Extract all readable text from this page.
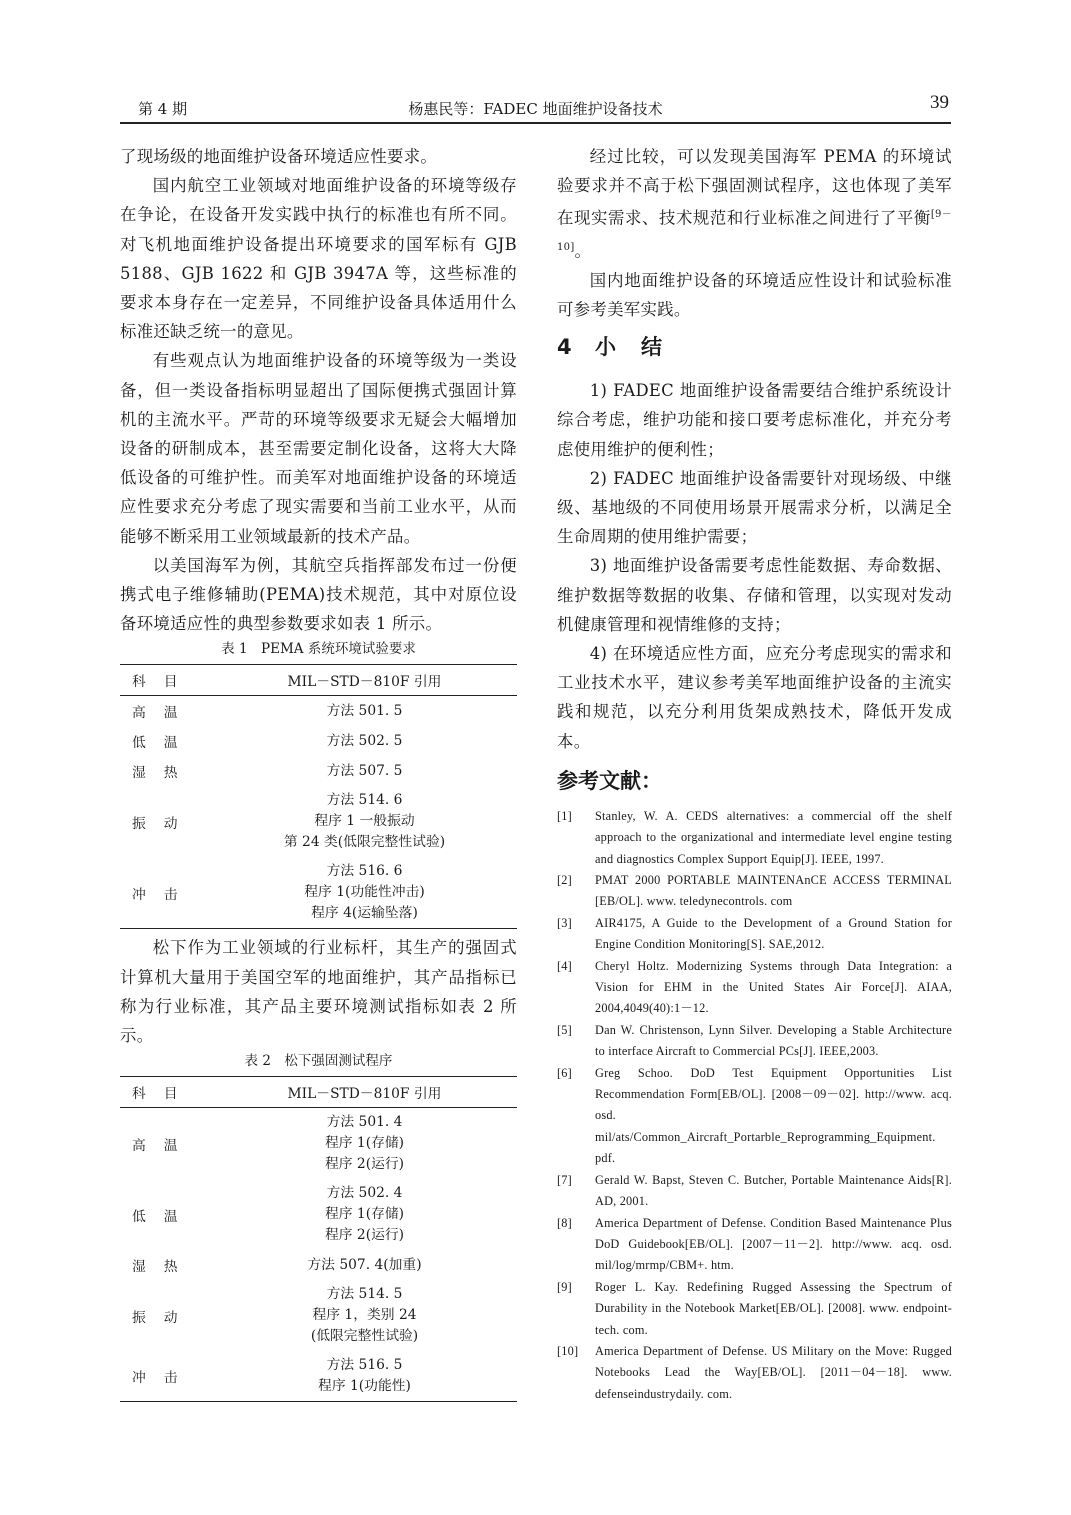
第 4 期	杨惠民等：FADEC 地面维护设备技术	39

了现场级的地面维护设备环境适应性要求。

国内航空工业领域对地面维护设备的环境等级存在争论，在设备开发实践中执行的标准也有所不同。对飞机地面维护设备提出环境要求的国军标有 GJB 5188、GJB 1622 和 GJB 3947A 等，这些标准的要求本身存在一定差异，不同维护设备具体适用什么标准还缺乏统一的意见。

有些观点认为地面维护设备的环境等级为一类设备，但一类设备指标明显超出了国际便携式强固计算机的主流水平。严苛的环境等级要求无疑会大幅增加设备的研制成本，甚至需要定制化设备，这将大大降低设备的可维护性。而美军对地面维护设备的环境适应性要求充分考虑了现实需要和当前工业水平，从而能够不断采用工业领域最新的技术产品。

以美国海军为例，其航空兵指挥部发布过一份便携式电子维修辅助(PEMA)技术规范，其中对原位设备环境适应性的典型参数要求如表 1 所示。

表 1　PEMA 系统环境试验要求
科目	MIL－STD－810F 引用
高温	方法 501. 5

低温	方法 502. 5

湿热	方法 507. 5

振动	方法 514. 6
程序 1 一般振动
第 24 类(低限完整性试验)

冲击	方法 516. 6
程序 1(功能性冲击)
程序 4(运输坠落)

松下作为工业领域的行业标杆，其生产的强固式计算机大量用于美国空军的地面维护，其产品指标已称为行业标准，其产品主要环境测试指标如表 2 所示。

表 2　松下强固测试程序
科目	MIL－STD－810F 引用
高温	方法 501. 4
程序 1(存储)
程序 2(运行)

低温	方法 502. 4
程序 1(存储)
程序 2(运行)

湿热	方法 507. 4(加重)

振动	方法 514. 5
程序 1，类别 24
(低限完整性试验)

冲击	方法 516. 5
程序 1(功能性)

经过比较，可以发现美国海军 PEMA 的环境试验要求并不高于松下强固测试程序，这也体现了美军在现实需求、技术规范和行业标准之间进行了平衡[9－10]。

国内地面维护设备的环境适应性设计和试验标准可参考美军实践。

4 小　结

1) FADEC 地面维护设备需要结合维护系统设计综合考虑，维护功能和接口要考虑标准化，并充分考虑使用维护的便利性；

2) FADEC 地面维护设备需要针对现场级、中继级、基地级的不同使用场景开展需求分析，以满足全生命周期的使用维护需要；

3) 地面维护设备需要考虑性能数据、寿命数据、维护数据等数据的收集、存储和管理，以实现对发动机健康管理和视情维修的支持；

4) 在环境适应性方面，应充分考虑现实的需求和工业技术水平，建议参考美军地面维护设备的主流实践和规范，以充分利用货架成熟技术，降低开发成本。

参考文献：
[1] Stanley, W. A. CEDS alternatives: a commercial off the shelf approach to the organizational and intermediate level engine testing and diagnostics Complex Support Equip[J]. IEEE, 1997.
[2] PMAT 2000 PORTABLE MAINTENAnCE ACCESS TERMINAL [EB/OL]. www. teledynecontrols. com
[3] AIR4175, A Guide to the Development of a Ground Station for Engine Condition Monitoring[S]. SAE,2012.
[4] Cheryl Holtz. Modernizing Systems through Data Integration: a Vision for EHM in the United States Air Force[J]. AIAA, 2004,4049(40):1－12.
[5] Dan W. Christenson, Lynn Silver. Developing a Stable Architecture to interface Aircraft to Commercial PCs[J]. IEEE,2003.
[6] Greg Schoo. DoD Test Equipment Opportunities List Recommendation Form[EB/OL]. [2008－09－02]. http://www. acq. osd. mil/ats/Common_Aircraft_Portarble_Reprogramming_Equipment. pdf.
[7] Gerald W. Bapst, Steven C. Butcher, Portable Maintenance Aids[R]. AD, 2001.
[8] America Department of Defense. Condition Based Maintenance Plus DoD Guidebook[EB/OL]. [2007－11－2]. http://www. acq. osd. mil/log/mrmp/CBM+. htm.
[9] Roger L. Kay. Redefining Rugged Assessing the Spectrum of Durability in the Notebook Market[EB/OL]. [2008]. www. endpoint-tech. com.
[10] America Department of Defense. US Military on the Move: Rugged Notebooks Lead the Way[EB/OL]. [2011－04－18]. www. defenseindustrydaily. com.
